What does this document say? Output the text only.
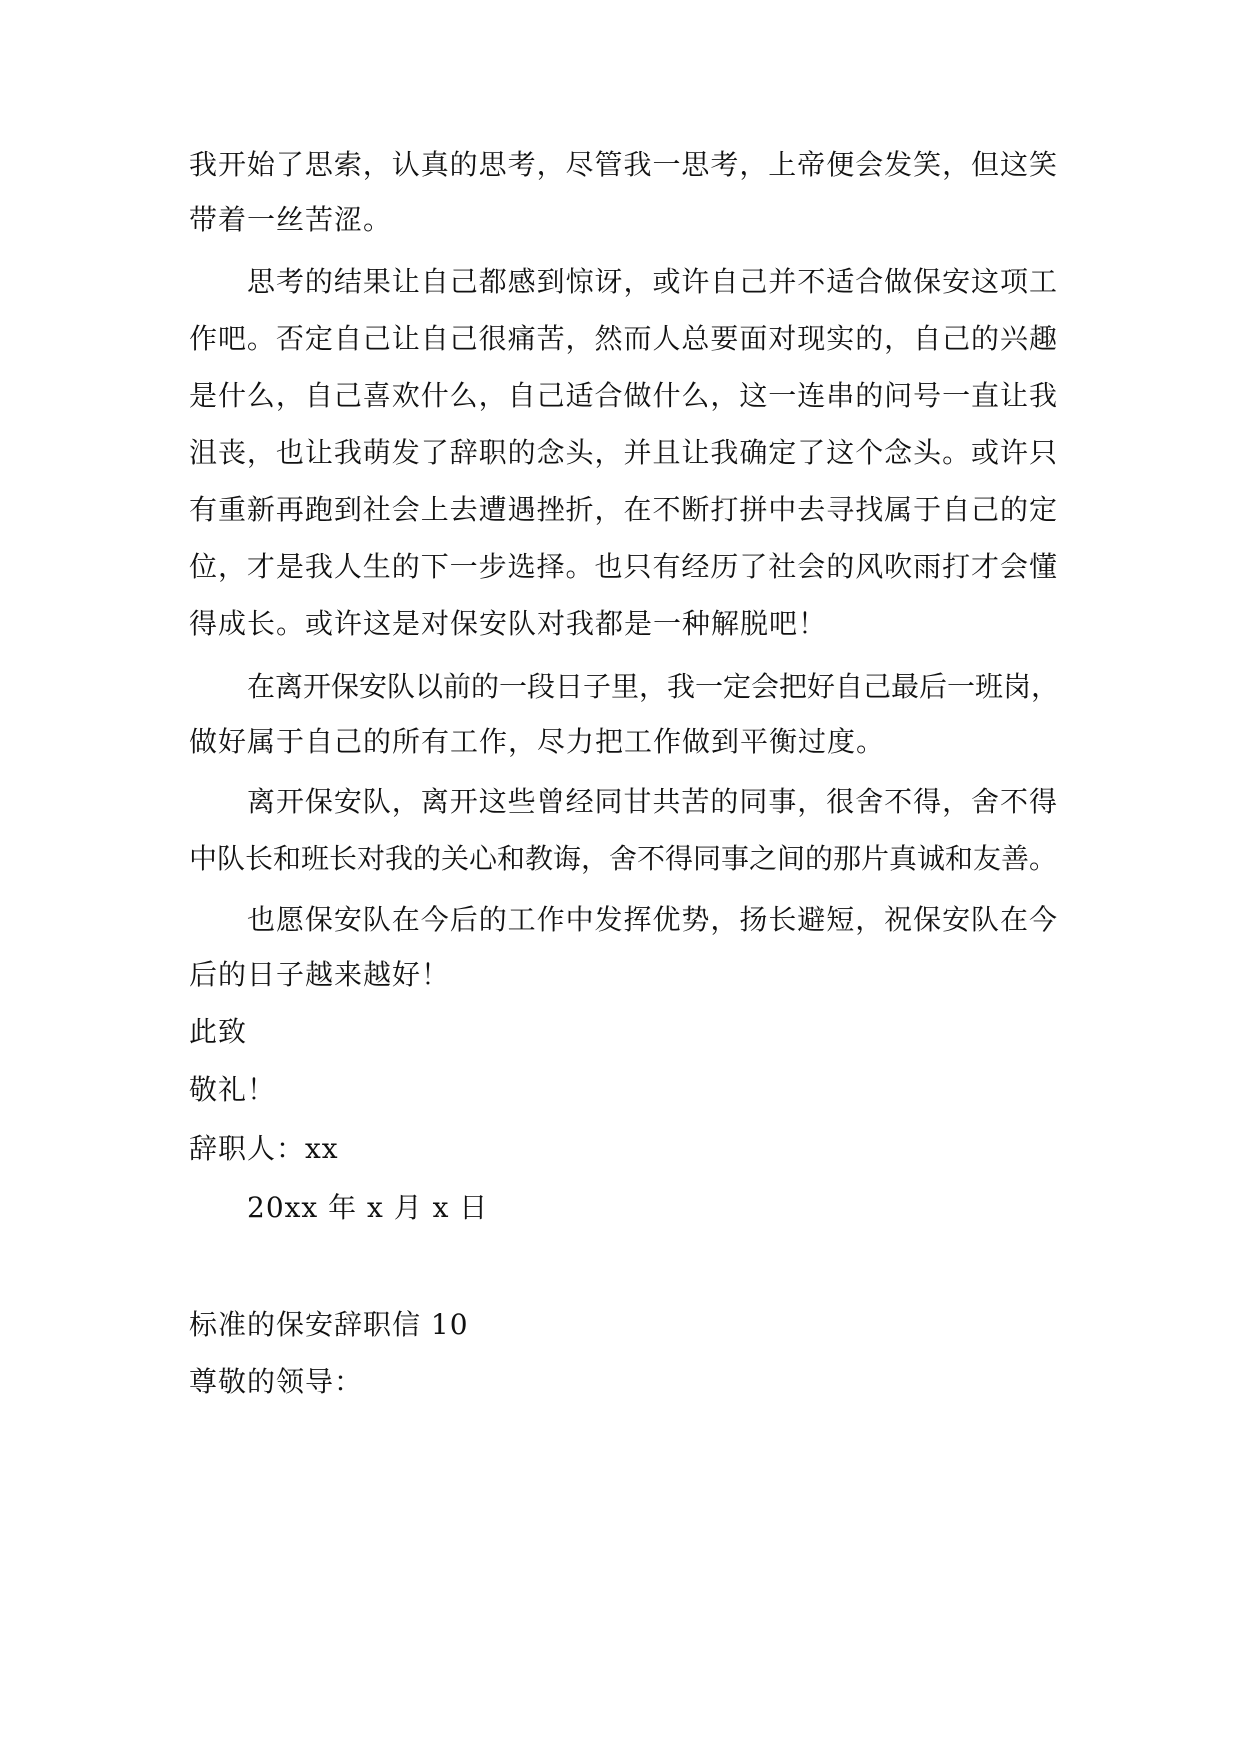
我开始了思索，认真的思考，尽管我一思考，上帝便会发笑，但这笑
带着一丝苦涩。
思考的结果让自己都感到惊讶，或许自己并不适合做保安这项工
作吧。否定自己让自己很痛苦，然而人总要面对现实的，自己的兴趣
是什么，自己喜欢什么，自己适合做什么，这一连串的问号一直让我
沮丧，也让我萌发了辞职的念头，并且让我确定了这个念头。或许只
有重新再跑到社会上去遭遇挫折，在不断打拼中去寻找属于自己的定
位，才是我人生的下一步选择。也只有经历了社会的风吹雨打才会懂
得成长。或许这是对保安队对我都是一种解脱吧！
在离开保安队以前的一段日子里，我一定会把好自己最后一班岗，
做好属于自己的所有工作，尽力把工作做到平衡过度。
离开保安队，离开这些曾经同甘共苦的同事，很舍不得，舍不得
中队长和班长对我的关心和教诲，舍不得同事之间的那片真诚和友善。
也愿保安队在今后的工作中发挥优势，扬长避短，祝保安队在今
后的日子越来越好！
此致
敬礼！
辞职人：xx
20xx 年 x 月 x 日
标准的保安辞职信 10
尊敬的领导：
